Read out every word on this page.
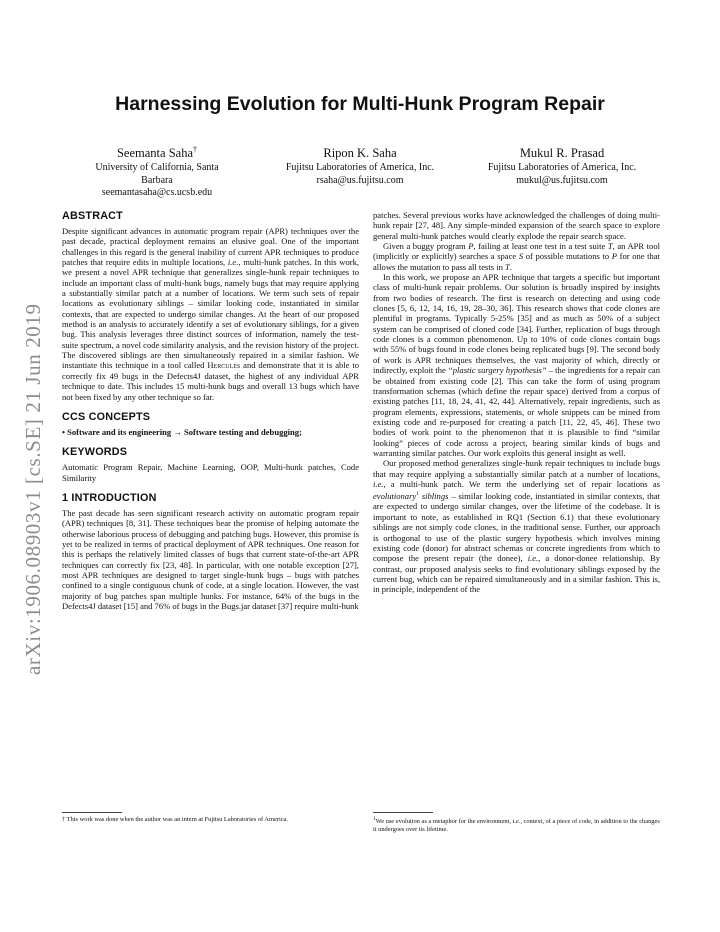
arXiv:1906.08903v1 [cs.SE] 21 Jun 2019
Harnessing Evolution for Multi-Hunk Program Repair
Seemanta Saha†
University of California, Santa
Barbara
seemantasaha@cs.ucsb.edu
Ripon K. Saha
Fujitsu Laboratories of America, Inc.
rsaha@us.fujitsu.com
Mukul R. Prasad
Fujitsu Laboratories of America, Inc.
mukul@us.fujitsu.com
ABSTRACT

Despite significant advances in automatic program repair (APR) techniques over the past decade, practical deployment remains an elusive goal. One of the important challenges in this regard is the general inability of current APR techniques to produce patches that require edits in multiple locations, i.e., multi-hunk patches. In this work, we present a novel APR technique that generalizes single-hunk repair techniques to include an important class of multi-hunk bugs, namely bugs that may require applying a substantially similar patch at a number of locations. We term such sets of repair locations as evolutionary siblings – similar looking code, instantiated in similar contexts, that are expected to undergo similar changes. At the heart of our proposed method is an analysis to accurately identify a set of evolutionary siblings, for a given bug. This analysis leverages three distinct sources of information, namely the test-suite spectrum, a novel code similarity analysis, and the revision history of the project. The discovered siblings are then simultaneously repaired in a similar fashion. We instantiate this technique in a tool called Hercules and demonstrate that it is able to correctly fix 49 bugs in the Defects4J dataset, the highest of any individual APR technique to date. This includes 15 multi-hunk bugs and overall 13 bugs which have not been fixed by any other technique so far.

CCS CONCEPTS

• Software and its engineering → Software testing and debugging;

KEYWORDS

Automatic Program Repair, Machine Learning, OOP, Multi-hunk patches, Code Similarity

1 INTRODUCTION

The past decade has seen significant research activity on automatic program repair (APR) techniques [8, 31]. These techniques bear the promise of helping automate the otherwise laborious process of debugging and patching bugs. However, this promise is yet to be realized in terms of practical deployment of APR techniques. One reason for this is perhaps the relatively limited classes of bugs that current state-of-the-art APR techniques can correctly fix [23, 48]. In particular, with one notable exception [27], most APR techniques are designed to target single-hunk bugs – bugs with patches confined to a single contiguous chunk of code, at a single location. However, the vast majority of bug patches span multiple hunks. For instance, 64% of the bugs in the Defects4J dataset [15] and 76% of bugs in the Bugs.jar dataset [37] require multi-hunk

patches. Several previous works have acknowledged the challenges of doing multi-hunk repair [27, 48]. Any simple-minded expansion of the search space to explore general multi-hunk patches would clearly explode the repair search space.

Given a buggy program P, failing at least one test in a test suite T, an APR tool (implicitly or explicitly) searches a space S of possible mutations to P for one that allows the mutation to pass all tests in T.

In this work, we propose an APR technique that targets a specific but important class of multi-hunk repair problems. Our solution is broadly inspired by insights from two bodies of research. The first is research on detecting and using code clones [5, 6, 12, 14, 16, 19, 28–30, 36]. This research shows that code clones are plentiful in programs. Typically 5-25% [35] and as much as 50% of a subject system can be comprised of cloned code [34]. Further, replication of bugs through code clones is a common phenomenon. Up to 10% of code clones contain bugs with 55% of bugs found in code clones being replicated bugs [9]. The second body of work is APR techniques themselves, the vast majority of which, directly or indirectly, exploit the “plastic surgery hypothesis” – the ingredients for a repair can be obtained from existing code [2]. This can take the form of using program transformation schemas (which define the repair space) derived from a corpus of existing patches [11, 18, 24, 41, 42, 44]. Alternatively, repair ingredients, such as program elements, expressions, statements, or whole snippets can be mined from existing code and re-purposed for creating a patch [11, 22, 45, 46]. These two bodies of work point to the phenomenon that it is plausible to find “similar looking” pieces of code across a project, bearing similar kinds of bugs and warranting similar patches. Our work exploits this general insight as well.

Our proposed method generalizes single-hunk repair techniques to include bugs that may require applying a substantially similar patch at a number of locations, i.e., a multi-hunk patch. We term the underlying set of repair locations as evolutionary$^1$ siblings – similar looking code, instantiated in similar contexts, that are expected to undergo similar changes, over the lifetime of the codebase. It is important to note, as established in RQ1 (Section 6.1) that these evolutionary siblings are not simply code clones, in the traditional sense. Further, our approach is orthogonal to use of the plastic surgery hypothesis which involves mining existing code (donor) for abstract schemas or concrete ingredients from which to compose the present repair (the donee), i.e., a donor-donee relationship. By contrast, our proposed analysis seeks to find evolutionary siblings exposed by the current bug, which can be repaired simultaneously and in a similar fashion. This is, in principle, independent of the

† This work was done when the author was an intern at Fujitsu Laboratories of America.	$^1$We use evolution as a metaphor for the environment, i.e., context, of a piece of code, in addition to the changes it undergoes over its lifetime.
